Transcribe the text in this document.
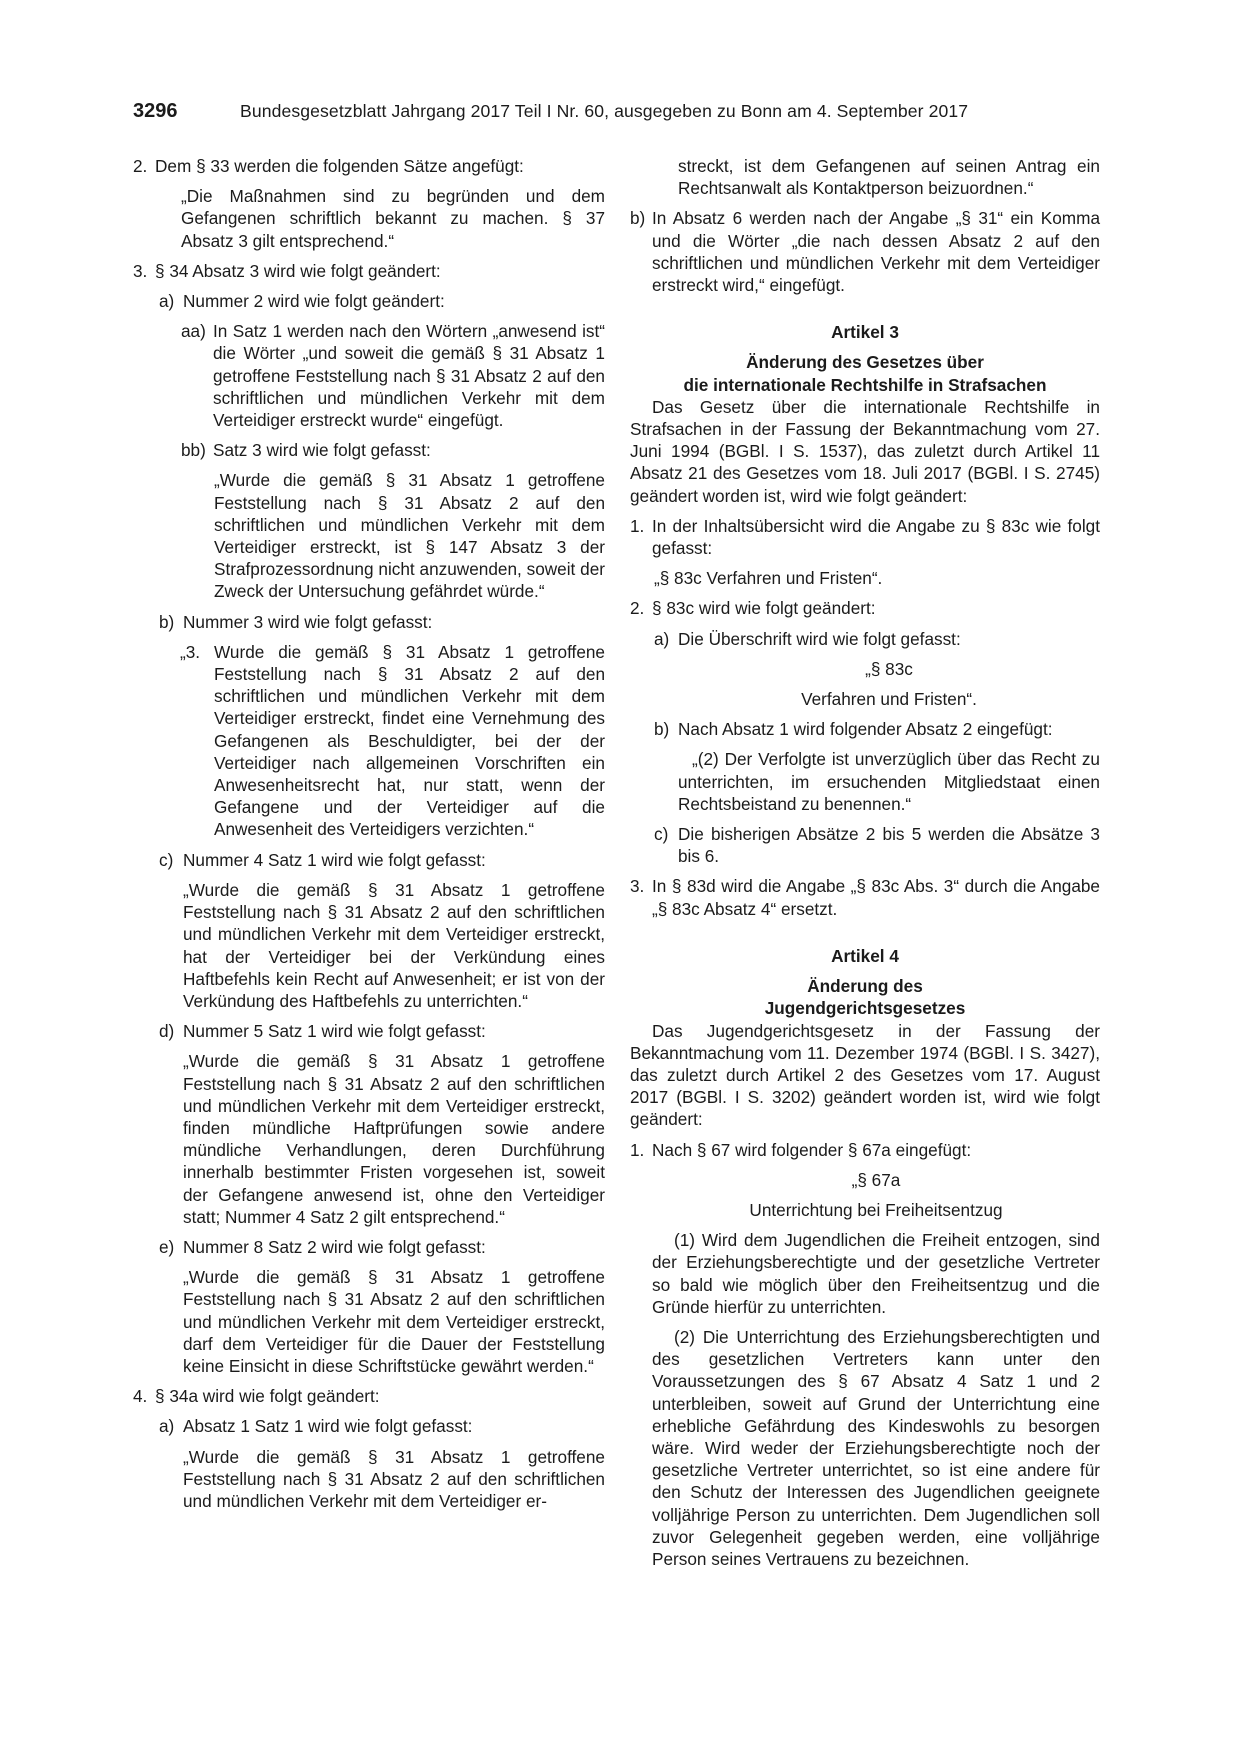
3296	Bundesgesetzblatt Jahrgang 2017 Teil I Nr. 60, ausgegeben zu Bonn am 4. September 2017
2. Dem § 33 werden die folgenden Sätze angefügt:

„Die Maßnahmen sind zu begründen und dem Gefangenen schriftlich bekannt zu machen. § 37 Absatz 3 gilt entsprechend.“

3. § 34 Absatz 3 wird wie folgt geändert:
a) Nummer 2 wird wie folgt geändert:
aa) In Satz 1 werden nach den Wörtern „anwesend ist“ die Wörter „und soweit die gemäß § 31 Absatz 1 getroffene Feststellung nach § 31 Absatz 2 auf den schriftlichen und mündlichen Verkehr mit dem Verteidiger erstreckt wurde“ eingefügt.
bb) Satz 3 wird wie folgt gefasst:

„Wurde die gemäß § 31 Absatz 1 getroffene Feststellung nach § 31 Absatz 2 auf den schriftlichen und mündlichen Verkehr mit dem Verteidiger erstreckt, ist § 147 Absatz 3 der Strafprozessordnung nicht anzuwenden, soweit der Zweck der Untersuchung gefährdet würde.“

b) Nummer 3 wird wie folgt gefasst:
„3. Wurde die gemäß § 31 Absatz 1 getroffene Feststellung nach § 31 Absatz 2 auf den schriftlichen und mündlichen Verkehr mit dem Verteidiger erstreckt, findet eine Vernehmung des Gefangenen als Beschuldigter, bei der der Verteidiger nach allgemeinen Vorschriften ein Anwesenheitsrecht hat, nur statt, wenn der Gefangene und der Verteidiger auf die Anwesenheit des Verteidigers verzichten.“
c) Nummer 4 Satz 1 wird wie folgt gefasst:

„Wurde die gemäß § 31 Absatz 1 getroffene Feststellung nach § 31 Absatz 2 auf den schriftlichen und mündlichen Verkehr mit dem Verteidiger erstreckt, hat der Verteidiger bei der Verkündung eines Haftbefehls kein Recht auf Anwesenheit; er ist von der Verkündung des Haftbefehls zu unterrichten.“

d) Nummer 5 Satz 1 wird wie folgt gefasst:

„Wurde die gemäß § 31 Absatz 1 getroffene Feststellung nach § 31 Absatz 2 auf den schriftlichen und mündlichen Verkehr mit dem Verteidiger erstreckt, finden mündliche Haftprüfungen sowie andere mündliche Verhandlungen, deren Durchführung innerhalb bestimmter Fristen vorgesehen ist, soweit der Gefangene anwesend ist, ohne den Verteidiger statt; Nummer 4 Satz 2 gilt entsprechend.“

e) Nummer 8 Satz 2 wird wie folgt gefasst:

„Wurde die gemäß § 31 Absatz 1 getroffene Feststellung nach § 31 Absatz 2 auf den schriftlichen und mündlichen Verkehr mit dem Verteidiger erstreckt, darf dem Verteidiger für die Dauer der Feststellung keine Einsicht in diese Schriftstücke gewährt werden.“

4. § 34a wird wie folgt geändert:
a) Absatz 1 Satz 1 wird wie folgt gefasst:

„Wurde die gemäß § 31 Absatz 1 getroffene Feststellung nach § 31 Absatz 2 auf den schriftlichen und mündlichen Verkehr mit dem Verteidiger er-

streckt, ist dem Gefangenen auf seinen Antrag ein Rechtsanwalt als Kontaktperson beizuordnen.“

b) In Absatz 6 werden nach der Angabe „§ 31“ ein Komma und die Wörter „die nach dessen Absatz 2 auf den schriftlichen und mündlichen Verkehr mit dem Verteidiger erstreckt wird,“ eingefügt.

Artikel 3

Änderung des Gesetzes über

die internationale Rechtshilfe in Strafsachen

Das Gesetz über die internationale Rechtshilfe in Strafsachen in der Fassung der Bekanntmachung vom 27. Juni 1994 (BGBl. I S. 1537), das zuletzt durch Artikel 11 Absatz 21 des Gesetzes vom 18. Juli 2017 (BGBl. I S. 2745) geändert worden ist, wird wie folgt geändert:

1. In der Inhaltsübersicht wird die Angabe zu § 83c wie folgt gefasst:

„§ 83c Verfahren und Fristen“.

2. § 83c wird wie folgt geändert:
a) Die Überschrift wird wie folgt gefasst:

„§ 83c

Verfahren und Fristen“.

b) Nach Absatz 1 wird folgender Absatz 2 eingefügt:

„(2) Der Verfolgte ist unverzüglich über das Recht zu unterrichten, im ersuchenden Mitgliedstaat einen Rechtsbeistand zu benennen.“

c) Die bisherigen Absätze 2 bis 5 werden die Absätze 3 bis 6.
3. In § 83d wird die Angabe „§ 83c Abs. 3“ durch die Angabe „§ 83c Absatz 4“ ersetzt.

Artikel 4

Änderung des

Jugendgerichtsgesetzes

Das Jugendgerichtsgesetz in der Fassung der Bekanntmachung vom 11. Dezember 1974 (BGBl. I S. 3427), das zuletzt durch Artikel 2 des Gesetzes vom 17. August 2017 (BGBl. I S. 3202) geändert worden ist, wird wie folgt geändert:

1. Nach § 67 wird folgender § 67a eingefügt:

„§ 67a

Unterrichtung bei Freiheitsentzug

(1) Wird dem Jugendlichen die Freiheit entzogen, sind der Erziehungsberechtigte und der gesetzliche Vertreter so bald wie möglich über den Freiheitsentzug und die Gründe hierfür zu unterrichten.

(2) Die Unterrichtung des Erziehungsberechtigten und des gesetzlichen Vertreters kann unter den Voraussetzungen des § 67 Absatz 4 Satz 1 und 2 unterbleiben, soweit auf Grund der Unterrichtung eine erhebliche Gefährdung des Kindeswohls zu besorgen wäre. Wird weder der Erziehungsberechtigte noch der gesetzliche Vertreter unterrichtet, so ist eine andere für den Schutz der Interessen des Jugendlichen geeignete volljährige Person zu unterrichten. Dem Jugendlichen soll zuvor Gelegenheit gegeben werden, eine volljährige Person seines Vertrauens zu bezeichnen.
